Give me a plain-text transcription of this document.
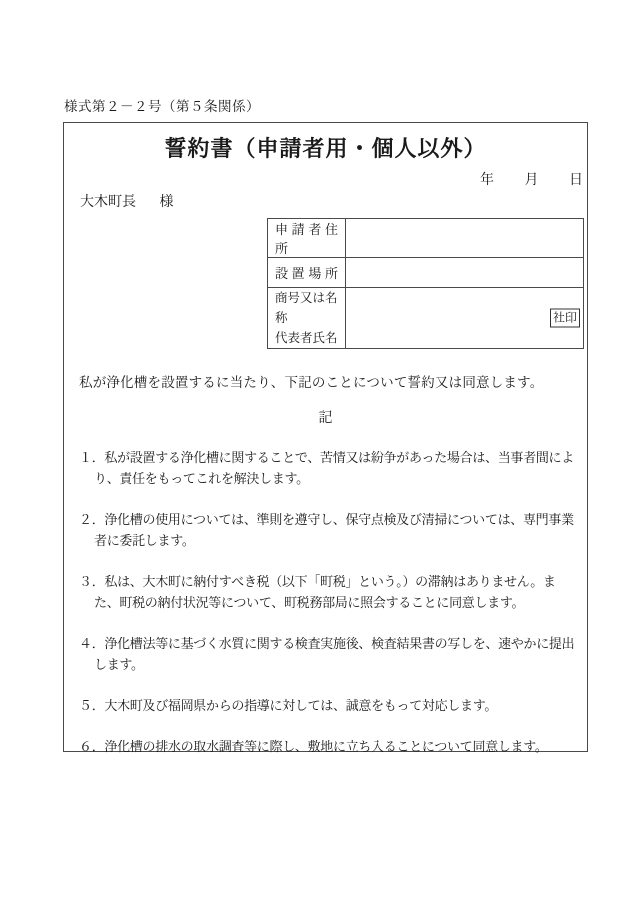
様式第２－２号（第５条関係）
誓約書（申請者用・個人以外）
年 月 日
大木町長 様
申請者住所	
設置場所	

商号又は名称
代表者氏名	社印

私が浄化槽を設置するに当たり、下記のことについて誓約又は同意します。

記

１．私が設置する浄化槽に関することで、苦情又は紛争があった場合は、当事者間により、責任をもってこれを解決します。
２．浄化槽の使用については、準則を遵守し、保守点検及び清掃については、専門事業者に委託します。
３．私は、大木町に納付すべき税（以下「町税」という。）の滞納はありません。また、町税の納付状況等について、町税務部局に照会することに同意します。
４．浄化槽法等に基づく水質に関する検査実施後、検査結果書の写しを、速やかに提出します。
５．大木町及び福岡県からの指導に対しては、誠意をもって対応します。
６．浄化槽の排水の取水調査等に際し、敷地に立ち入ることについて同意します。
